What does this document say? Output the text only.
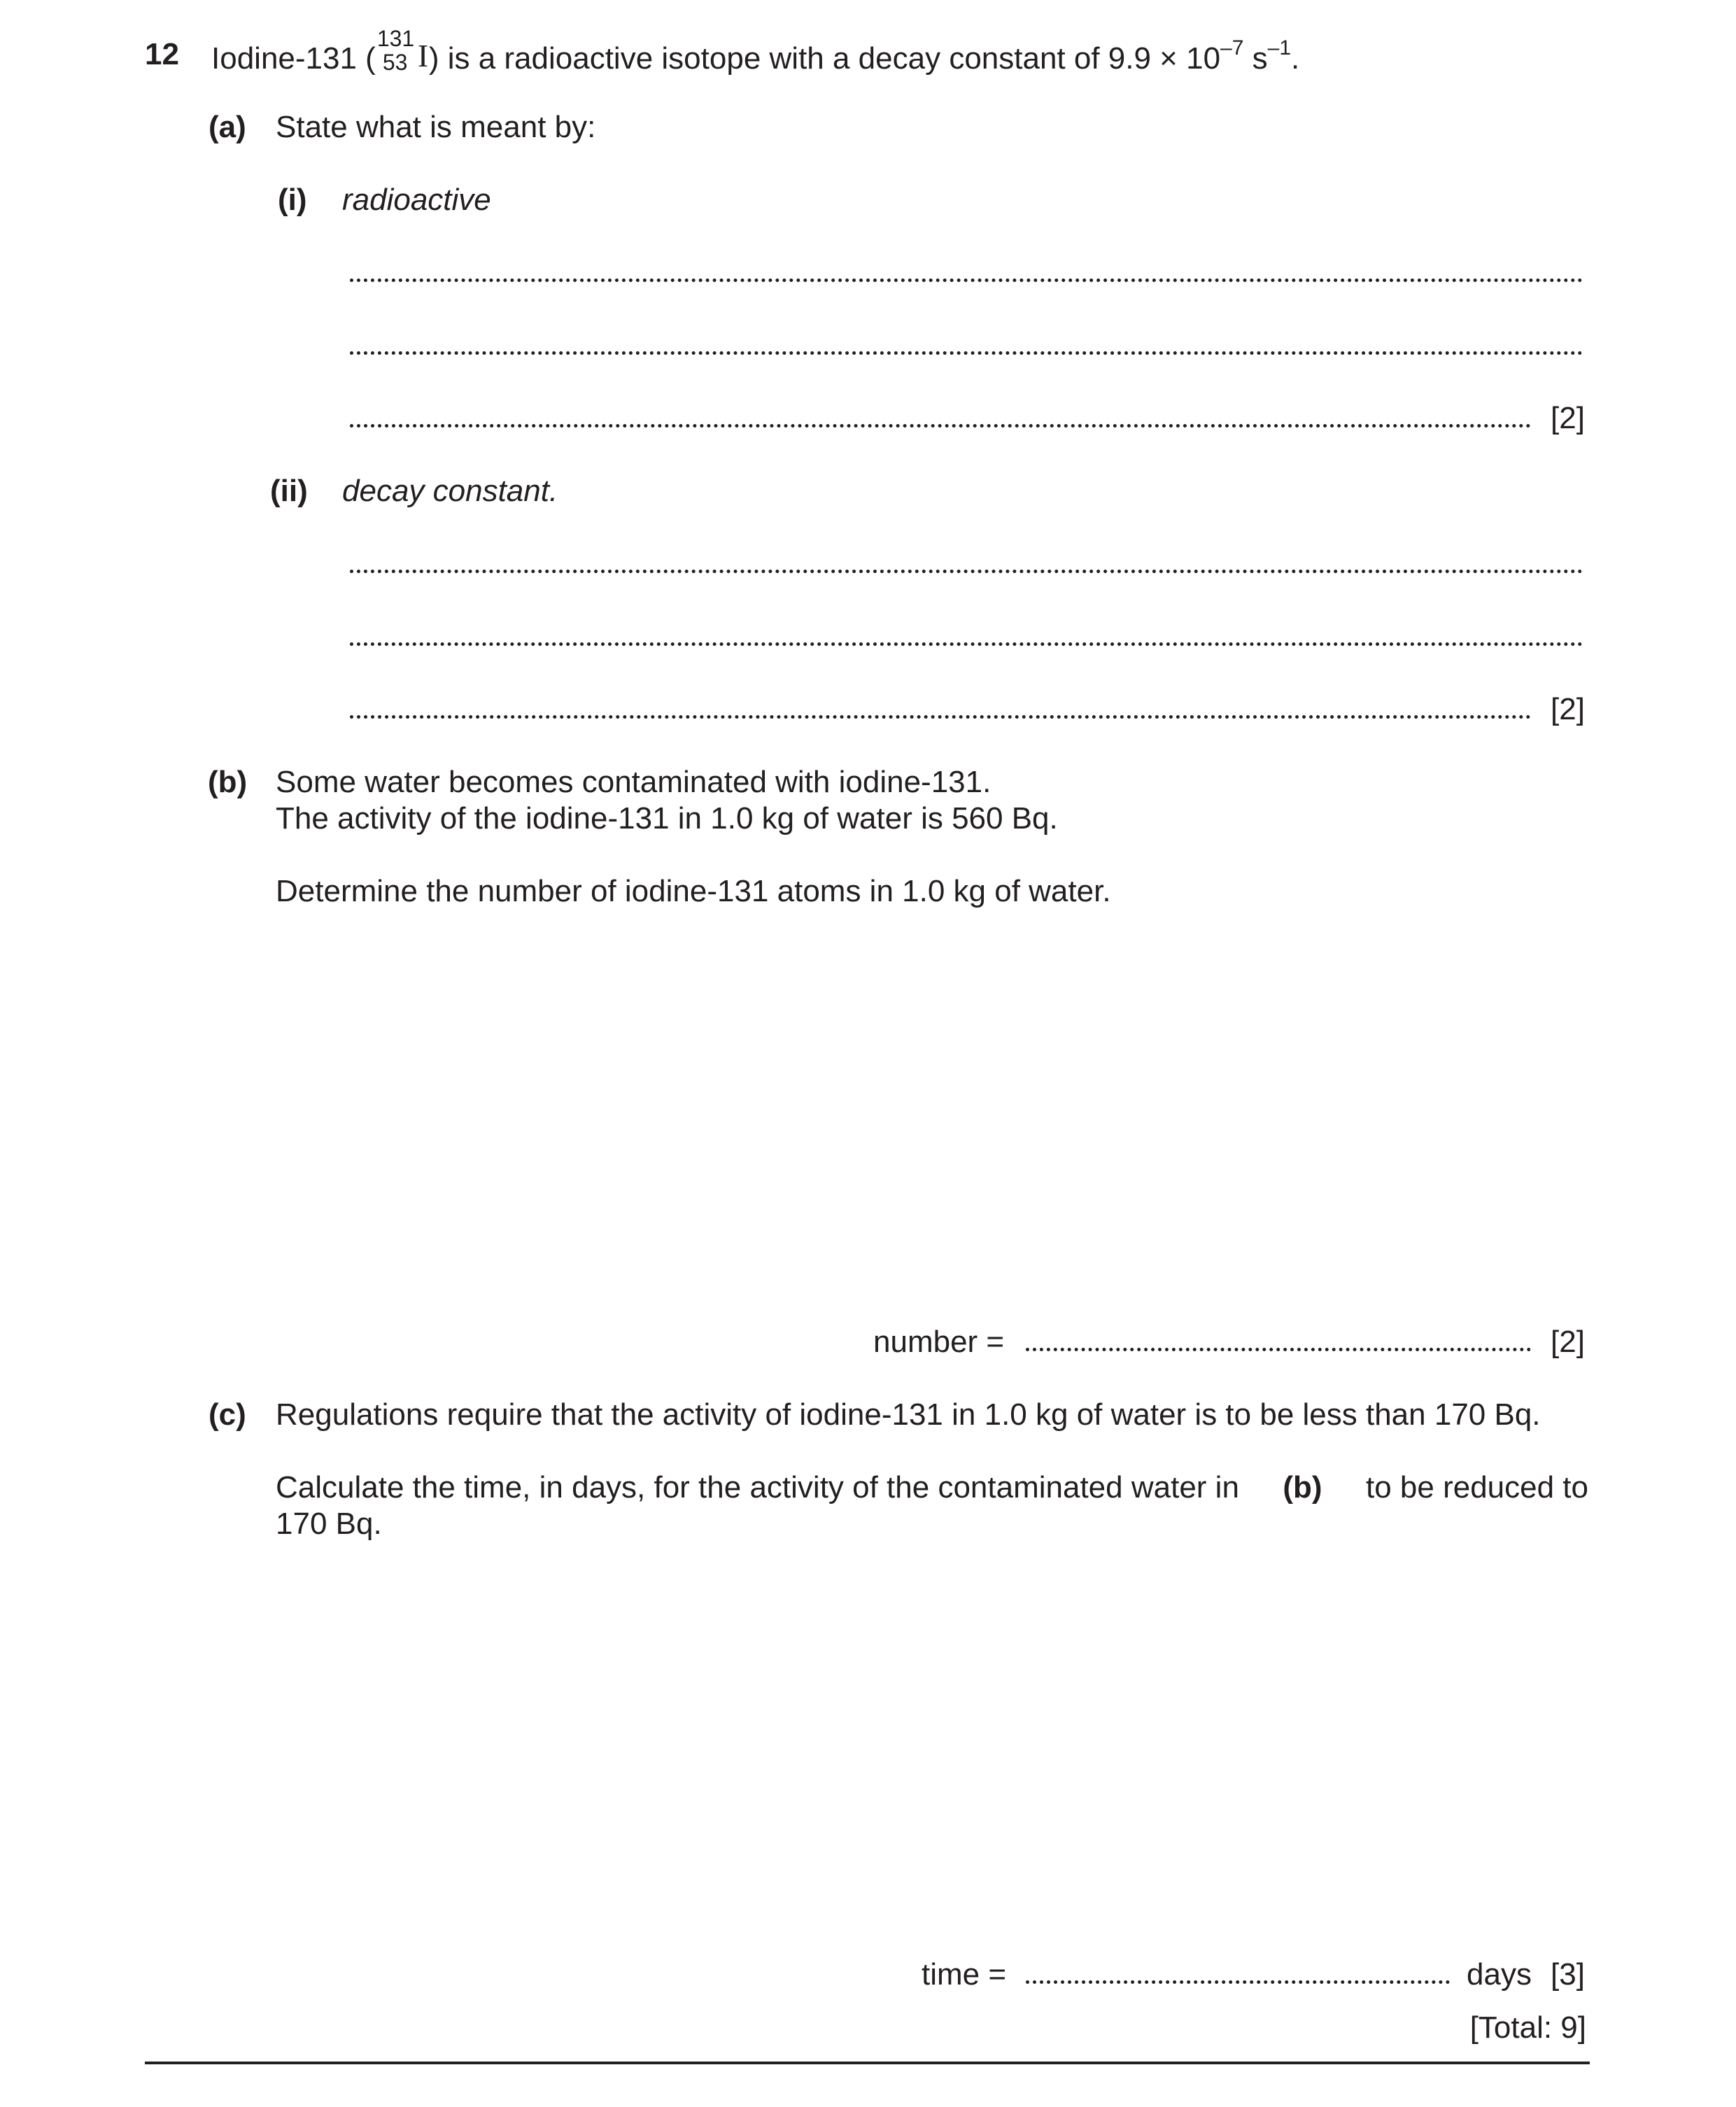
12 Iodine-131 (
131
53 I ) is a radioactive isotope with a decay constant of $9.9 \times 10^{-7}$ $s^{-1}$.
(a) State what is meant by:
(i) radioactive
[2]
(ii) decay constant.
[2]
(b) Some water becomes contaminated with iodine-131.
The activity of the iodine-131 in 1.0 kg of water is 560 Bq.
Determine the number of iodine-131 atoms in 1.0 kg of water.
number =	[2]
(c) Regulations require that the activity of iodine-131 in 1.0 kg of water is to be less than 170 Bq.
Calculate the time, in days, for the activity of the contaminated water in (b) to be reduced to
170 Bq.
time =	days [3]
[Total: 9]
